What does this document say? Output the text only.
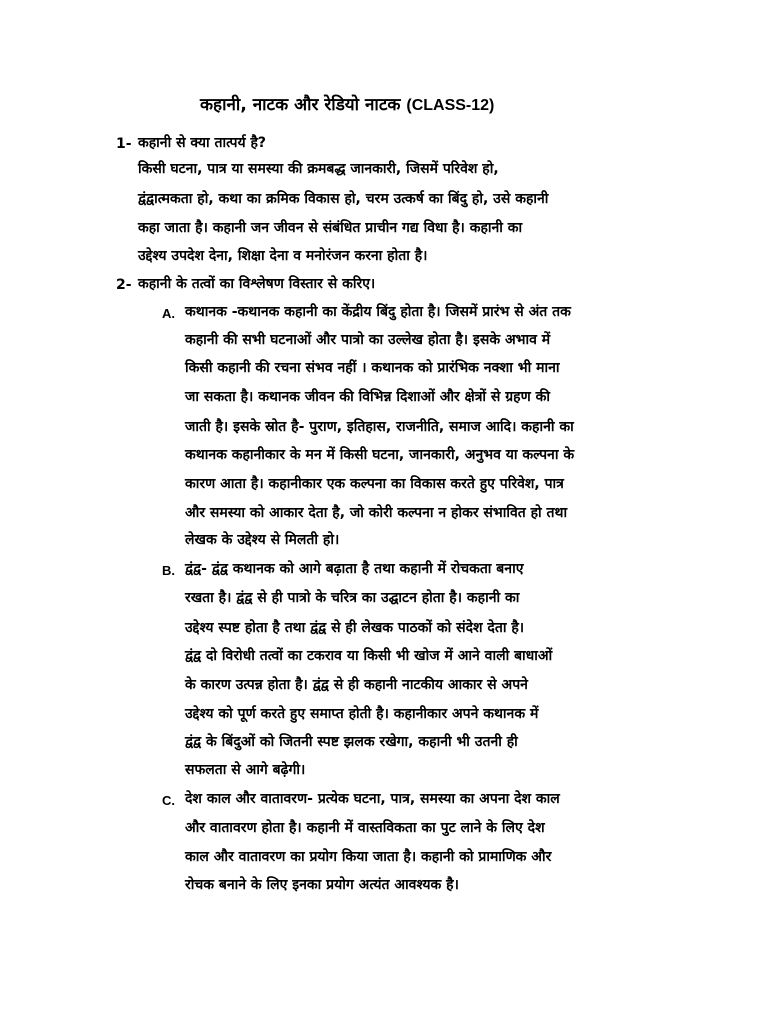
कहानी, नाटक और रेडियो नाटक (CLASS-12)
1- कहानी से क्या तात्पर्य है?
किसी घटना, पात्र या समस्या की क्रमबद्ध जानकारी, जिसमें परिवेश हो,
द्वंद्वात्मकता हो, कथा का क्रमिक विकास हो, चरम उत्कर्ष का बिंदु हो, उसे कहानी
कहा जाता है। कहानी जन जीवन से संबंधित प्राचीन गद्य विधा है। कहानी का
उद्देश्य उपदेश देना, शिक्षा देना व मनोरंजन करना होता है।
2- कहानी के तत्वों का विश्लेषण विस्तार से करिए।
A. कथानक -कथानक कहानी का केंद्रीय बिंदु होता है। जिसमें प्रारंभ से अंत तक
कहानी की सभी घटनाओं और पात्रो का उल्लेख होता है। इसके अभाव में
किसी कहानी की रचना संभव नहीं । कथानक को प्रारंभिक नक्शा भी माना
जा सकता है। कथानक जीवन की विभिन्न दिशाओं और क्षेत्रों से ग्रहण की
जाती है। इसके स्रोत है- पुराण, इतिहास, राजनीति, समाज आदि। कहानी का
कथानक कहानीकार के मन में किसी घटना, जानकारी, अनुभव या कल्पना के
कारण आता है। कहानीकार एक कल्पना का विकास करते हुए परिवेश, पात्र
और समस्या को आकार देता है, जो कोरी कल्पना न होकर संभावित हो तथा
लेखक के उद्देश्य से मिलती हो।
B. द्वंद्व- द्वंद्व कथानक को आगे बढ़ाता है तथा कहानी में रोचकता बनाए
रखता है। द्वंद्व से ही पात्रो के चरित्र का उद्घाटन होता है। कहानी का
उद्देश्य स्पष्ट होता है तथा द्वंद्व से ही लेखक पाठकों को संदेश देता है।
द्वंद्व दो विरोधी तत्वों का टकराव या किसी भी खोज में आने वाली बाधाओं
के कारण उत्पन्न होता है। द्वंद्व से ही कहानी नाटकीय आकार से अपने
उद्देश्य को पूर्ण करते हुए समाप्त होती है। कहानीकार अपने कथानक में
द्वंद्व के बिंदुओं को जितनी स्पष्ट झलक रखेगा, कहानी भी उतनी ही
सफलता से आगे बढ़ेगी।
C. देश काल और वातावरण- प्रत्येक घटना, पात्र, समस्या का अपना देश काल
और वातावरण होता है। कहानी में वास्तविकता का पुट लाने के लिए देश
काल और वातावरण का प्रयोग किया जाता है। कहानी को प्रामाणिक और
रोचक बनाने के लिए इनका प्रयोग अत्यंत आवश्यक है।
